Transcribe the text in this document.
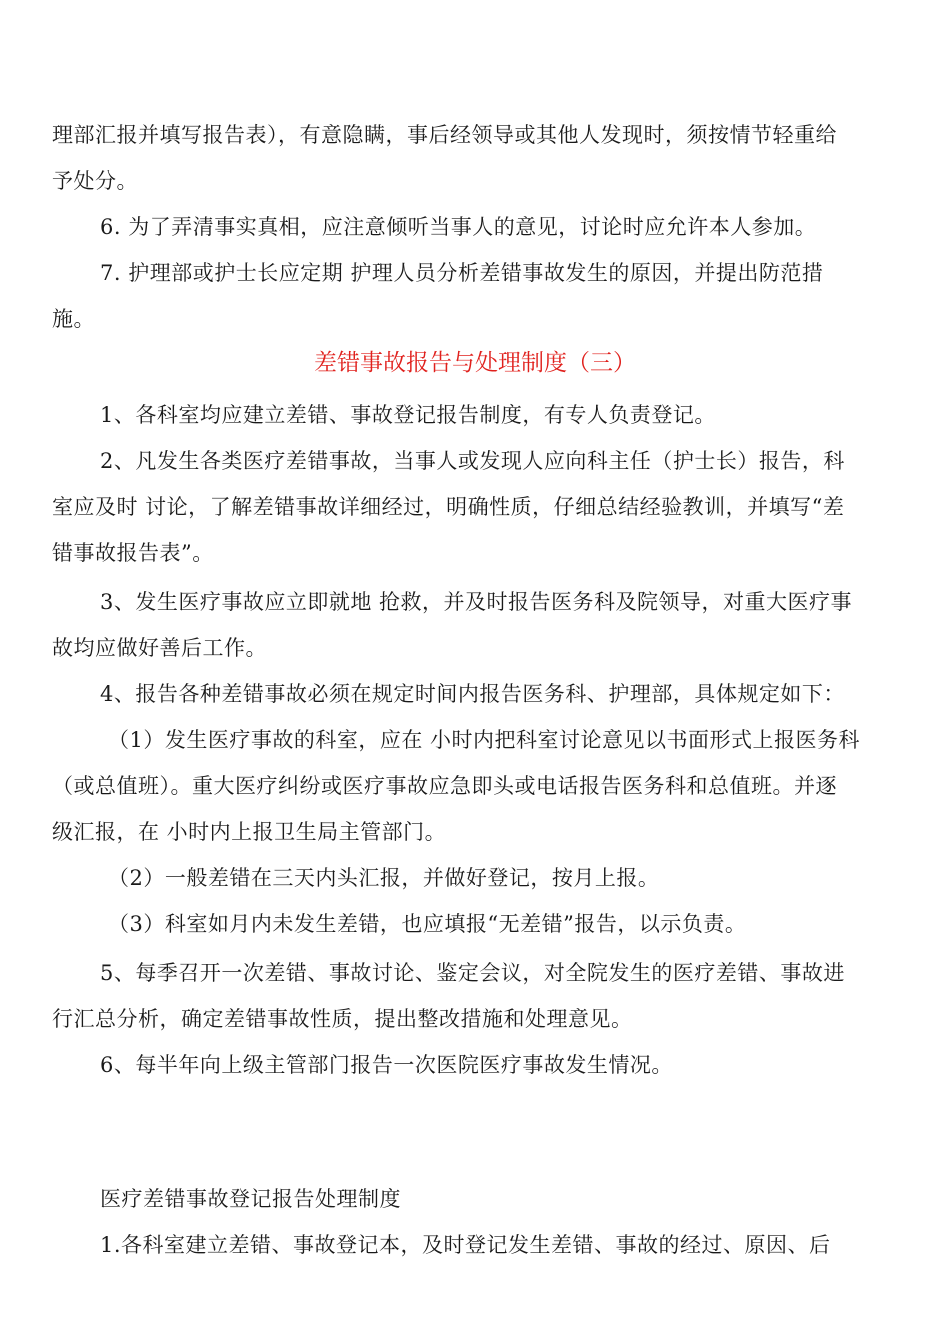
理部汇报并填写报告表），有意隐瞒，事后经领导或其他人发现时，须按情节轻重给
予处分。
6. 为了弄清事实真相，应注意倾听当事人的意见，讨论时应允许本人参加。
7. 护理部或护士长应定期 护理人员分析差错事故发生的原因，并提出防范措
施。
差错事故报告与处理制度（三）
1、各科室均应建立差错、事故登记报告制度，有专人负责登记。
2、凡发生各类医疗差错事故，当事人或发现人应向科主任（护士长）报告，科
室应及时 讨论，了解差错事故详细经过，明确性质，仔细总结经验教训，并填写“差
错事故报告表”。
3、发生医疗事故应立即就地 抢救，并及时报告医务科及院领导，对重大医疗事
故均应做好善后工作。
4、报告各种差错事故必须在规定时间内报告医务科、护理部，具体规定如下：
（1）发生医疗事故的科室，应在 小时内把科室讨论意见以书面形式上报医务科
（或总值班）。重大医疗纠纷或医疗事故应急即头或电话报告医务科和总值班。并逐
级汇报，在 小时内上报卫生局主管部门。
（2）一般差错在三天内头汇报，并做好登记，按月上报。
（3）科室如月内未发生差错，也应填报“无差错”报告，以示负责。
5、每季召开一次差错、事故讨论、鉴定会议，对全院发生的医疗差错、事故进
行汇总分析，确定差错事故性质，提出整改措施和处理意见。
6、每半年向上级主管部门报告一次医院医疗事故发生情况。
医疗差错事故登记报告处理制度
1.各科室建立差错、事故登记本，及时登记发生差错、事故的经过、原因、后
